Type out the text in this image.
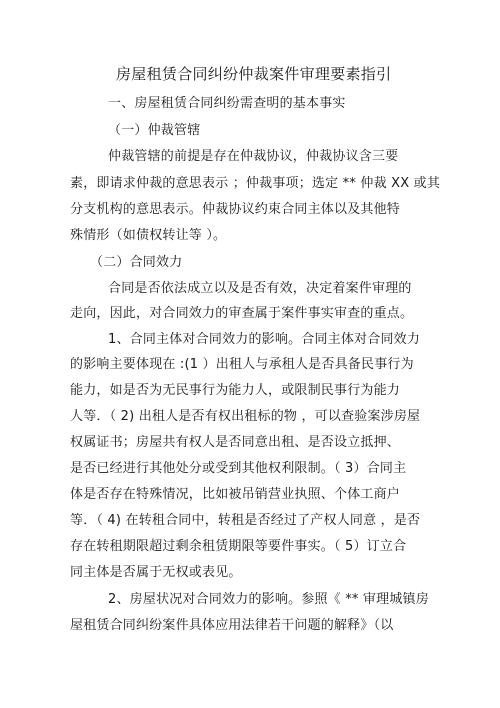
房屋租赁合同纠纷仲裁案件审理要素指引
一、房屋租赁合同纠纷需查明的基本事实
（一）仲裁管辖
仲裁管辖的前提是存在仲裁协议，仲裁协议含三要
素，即请求仲裁的意思表示 ；仲裁事项；选定 ** 仲裁 XX 或其
分支机构的意思表示。仲裁协议约束合同主体以及其他特
殊情形（如债权转让等 ）。
（二）合同效力
合同是否依法成立以及是否有效，决定着案件审理的
走向，因此，对合同效力的审查属于案件事实审查的重点。
1、合同主体对合同效力的影响。合同主体对合同效力
的影响主要体现在 :(1 ）出租人与承租人是否具备民事行为
能力，如是否为无民事行为能力人，或限制民事行为能力
人等．（ 2) 出租人是否有权出租标的物 ，可以查验案涉房屋
权属证书；房屋共有权人是否同意出租、是否设立抵押、
是否已经进行其他处分或受到其他权利限制。（ 3）合同主
体是否存在特殊情况，比如被吊销营业执照、个体工商户
等．（ 4) 在转租合同中，转租是否经过了产权人同意 ，是否
存在转租期限超过剩余租赁期限等要件事实。（ 5）订立合
同主体是否属于无权或表见。
2、房屋状况对合同效力的影响。参照《 ** 审理城镇房
屋租赁合同纠纷案件具体应用法律若干问题的解释》（以
